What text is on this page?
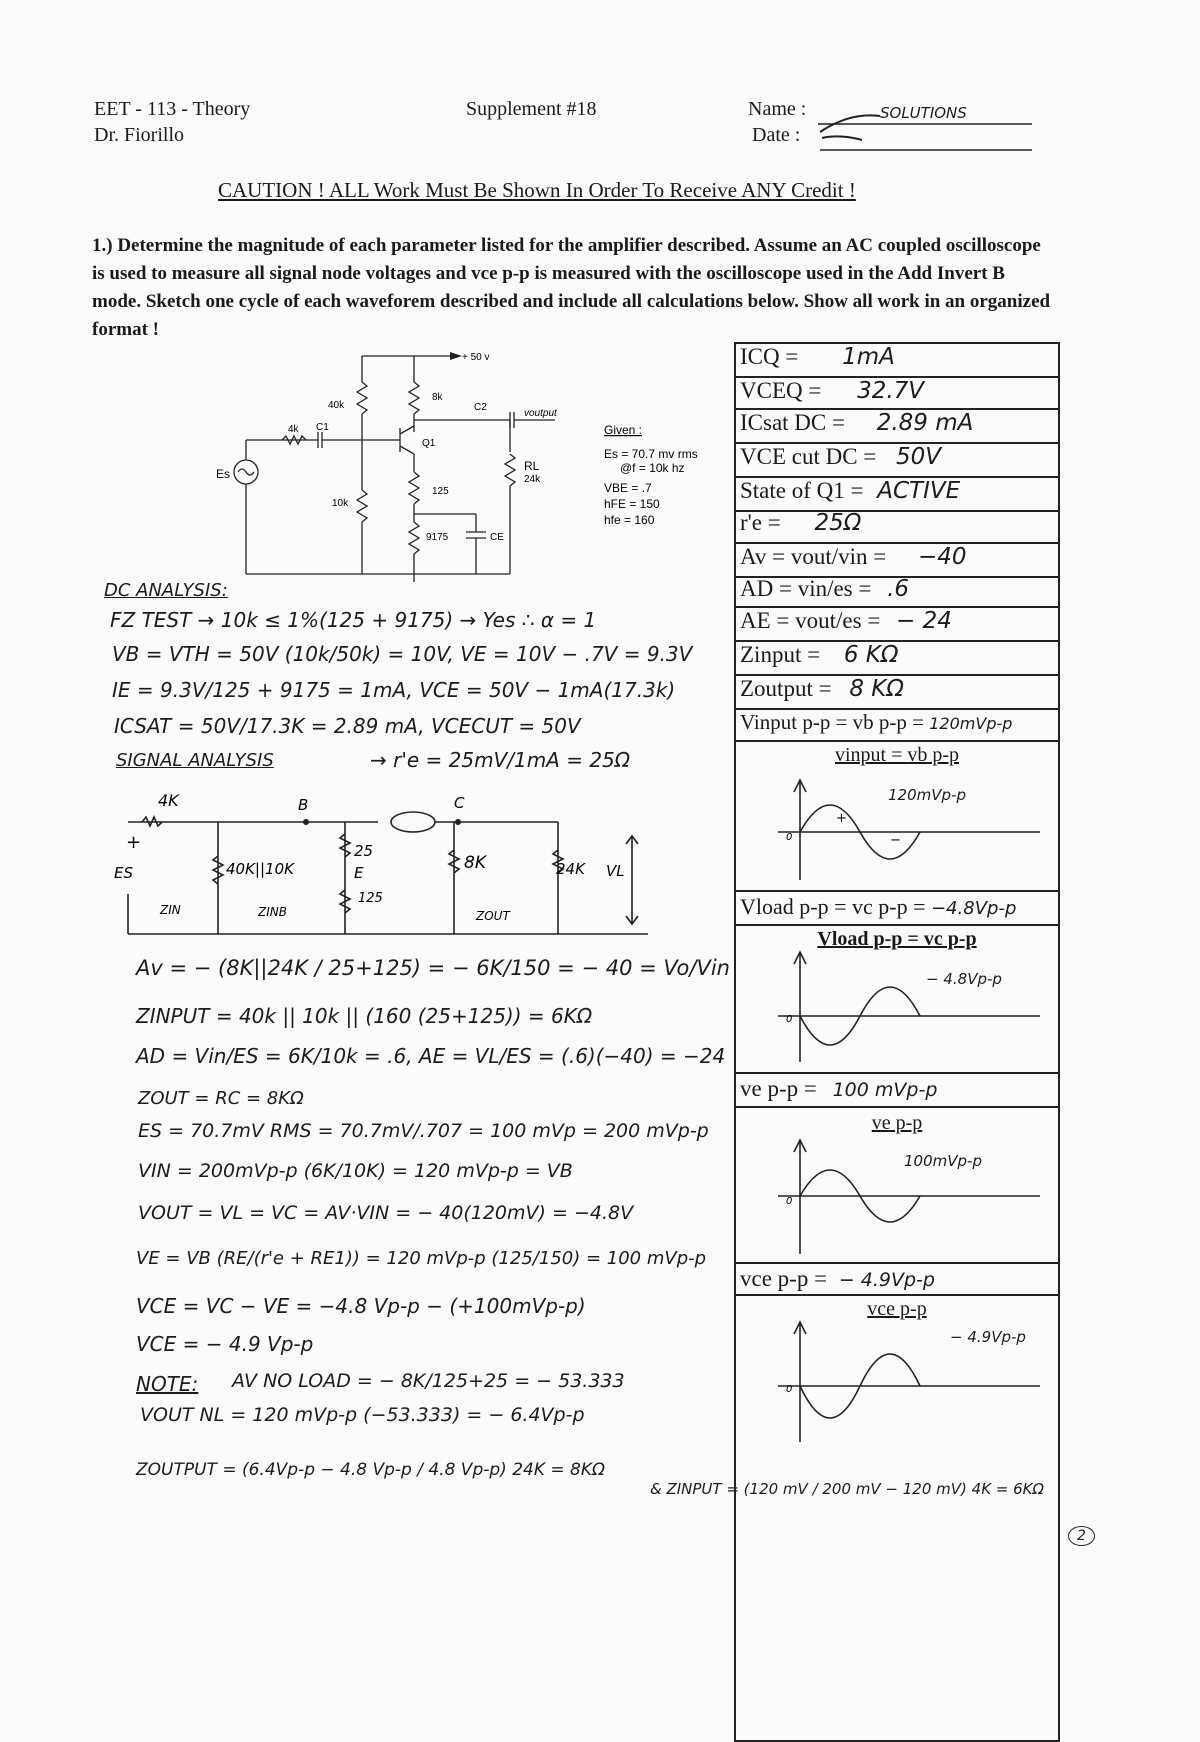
EET - 113 - Theory
Dr. Fiorillo
Supplement #18	Name :	SOLUTIONS
Date :
CAUTION ! ALL Work Must Be Shown In Order To Receive ANY Credit !
1.) Determine the magnitude of each parameter listed for the amplifier described. Assume an AC coupled oscilloscope is used to measure all signal node voltages and vce p-p is measured with the oscilloscope used in the Add Invert B mode. Sketch one cycle of each waveforem described and include all calculations below. Show all work in an organized format !
+ 50 v
40k
8k
C2
voutput
4k C1
Q1
Es
RL
24k
10k
125
9175	CE
Given :
Es = 70.7 mv rms
@f = 10k hz
VBE = .7
hFE = 150
hfe = 160
DC ANALYSIS:
FZ TEST → 10k ≤ 1%(125 + 9175) → Yes ∴ α = 1
VB = VTH = 50V (10k/50k) = 10V, VE = 10V − .7V = 9.3V
IE = 9.3V/125 + 9175 = 1mA, VCE = 50V − 1mA(17.3k)
ICSAT = 50V/17.3K = 2.89 mA, VCECUT = 50V
SIGNAL ANALYSIS	→ r'e = 25mV/1mA = 25Ω
4K	B	C
+
ES	40K||10K
25
E
125
8K	24K VL
ZIN	ZINB	ZOUT
Av = − (8K||24K / 25+125) = − 6K/150 = − 40 = Vo/Vin
ZINPUT = 40k || 10k || (160 (25+125)) = 6KΩ
AD = Vin/ES = 6K/10k = .6, AE = VL/ES = (.6)(−40) = −24
ZOUT = RC = 8KΩ
ES = 70.7mV RMS = 70.7mV/.707 = 100 mVp = 200 mVp-p
VIN = 200mVp-p (6K/10K) = 120 mVp-p = VB
VOUT = VL = VC = AV·VIN = − 40(120mV) = −4.8V
VE = VB (RE/(r'e + RE1)) = 120 mVp-p (125/150) = 100 mVp-p
VCE = VC − VE = −4.8 Vp-p − (+100mVp-p)
VCE = − 4.9 Vp-p
NOTE: AV NO LOAD = − 8K/125+25 = − 53.333
VOUT NL = 120 mVp-p (−53.333) = − 6.4Vp-p
ZOUTPUT = (6.4Vp-p − 4.8 Vp-p / 4.8 Vp-p) 24K = 8KΩ
& ZINPUT = (120 mV / 200 mV − 120 mV) 4K = 6KΩ
2
ICQ = 1mA
VCEQ = 32.7V
ICsat DC = 2.89 mA
VCE cut DC = 50V
State of Q1 = ACTIVE
r'e = 25Ω
Av = vout/vin = −40
AD = vin/es = .6
AE = vout/es = − 24
Zinput = 6 KΩ
Zoutput = 8 KΩ
Vinput p-p = vb p-p = 120mVp-p
vinput = vb p-p
120mVp-p
0
+
−
Vload p-p = vc p-p = −4.8Vp-p
Vload p-p = vc p-p
− 4.8Vp-p
0
ve p-p = 100 mVp-p
ve p-p
100mVp-p
0
vce p-p = − 4.9Vp-p
vce p-p
− 4.9Vp-p
0
